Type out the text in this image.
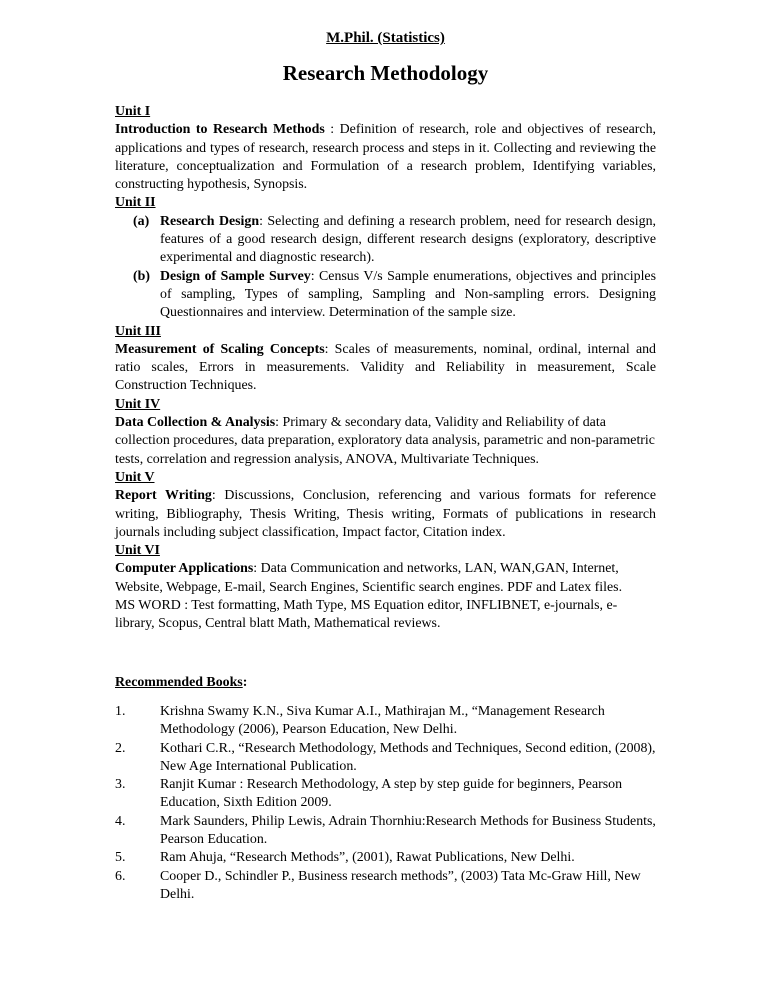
M.Phil. (Statistics)
Research Methodology
Unit I

Introduction to Research Methods : Definition of research, role and objectives of research, applications and types of research, research process and steps in it. Collecting and reviewing the literature, conceptualization and Formulation of a research problem, Identifying variables, constructing hypothesis, Synopsis.

Unit II
(a) Research Design: Selecting and defining a research problem, need for research design, features of a good research design, different research designs (exploratory, descriptive experimental and diagnostic research).
(b) Design of Sample Survey: Census V/s Sample enumerations, objectives and principles of sampling, Types of sampling, Sampling and Non-sampling errors. Designing Questionnaires and interview. Determination of the sample size.
Unit III

Measurement of Scaling Concepts: Scales of measurements, nominal, ordinal, internal and ratio scales, Errors in measurements. Validity and Reliability in measurement, Scale Construction Techniques.

Unit IV

Data Collection & Analysis: Primary & secondary data, Validity and Reliability of data collection procedures, data preparation, exploratory data analysis, parametric and non-parametric tests, correlation and regression analysis, ANOVA, Multivariate Techniques.

Unit V

Report Writing: Discussions, Conclusion, referencing and various formats for reference writing, Bibliography, Thesis Writing, Thesis writing, Formats of publications in research journals including subject classification, Impact factor, Citation index.

Unit VI

Computer Applications: Data Communication and networks, LAN, WAN,GAN, Internet, Website, Webpage, E-mail, Search Engines, Scientific search engines. PDF and Latex files.

MS WORD : Test formatting, Math Type, MS Equation editor, INFLIBNET, e-journals, e-library, Scopus, Central blatt Math, Mathematical reviews.

Recommended Books:
1.	Krishna Swamy K.N., Siva Kumar A.I., Mathirajan M., “Management Research Methodology (2006), Pearson Education, New Delhi.
2.	Kothari C.R., “Research Methodology, Methods and Techniques, Second edition, (2008), New Age International Publication.
3.	Ranjit Kumar : Research Methodology, A step by step guide for beginners, Pearson Education, Sixth Edition 2009.
4.	Mark Saunders, Philip Lewis, Adrain Thornhiu:Research Methods for Business Students, Pearson Education.
5.	Ram Ahuja, “Research Methods”, (2001), Rawat Publications, New Delhi.
6.	Cooper D., Schindler P., Business research methods”, (2003) Tata Mc-Graw Hill, New Delhi.
